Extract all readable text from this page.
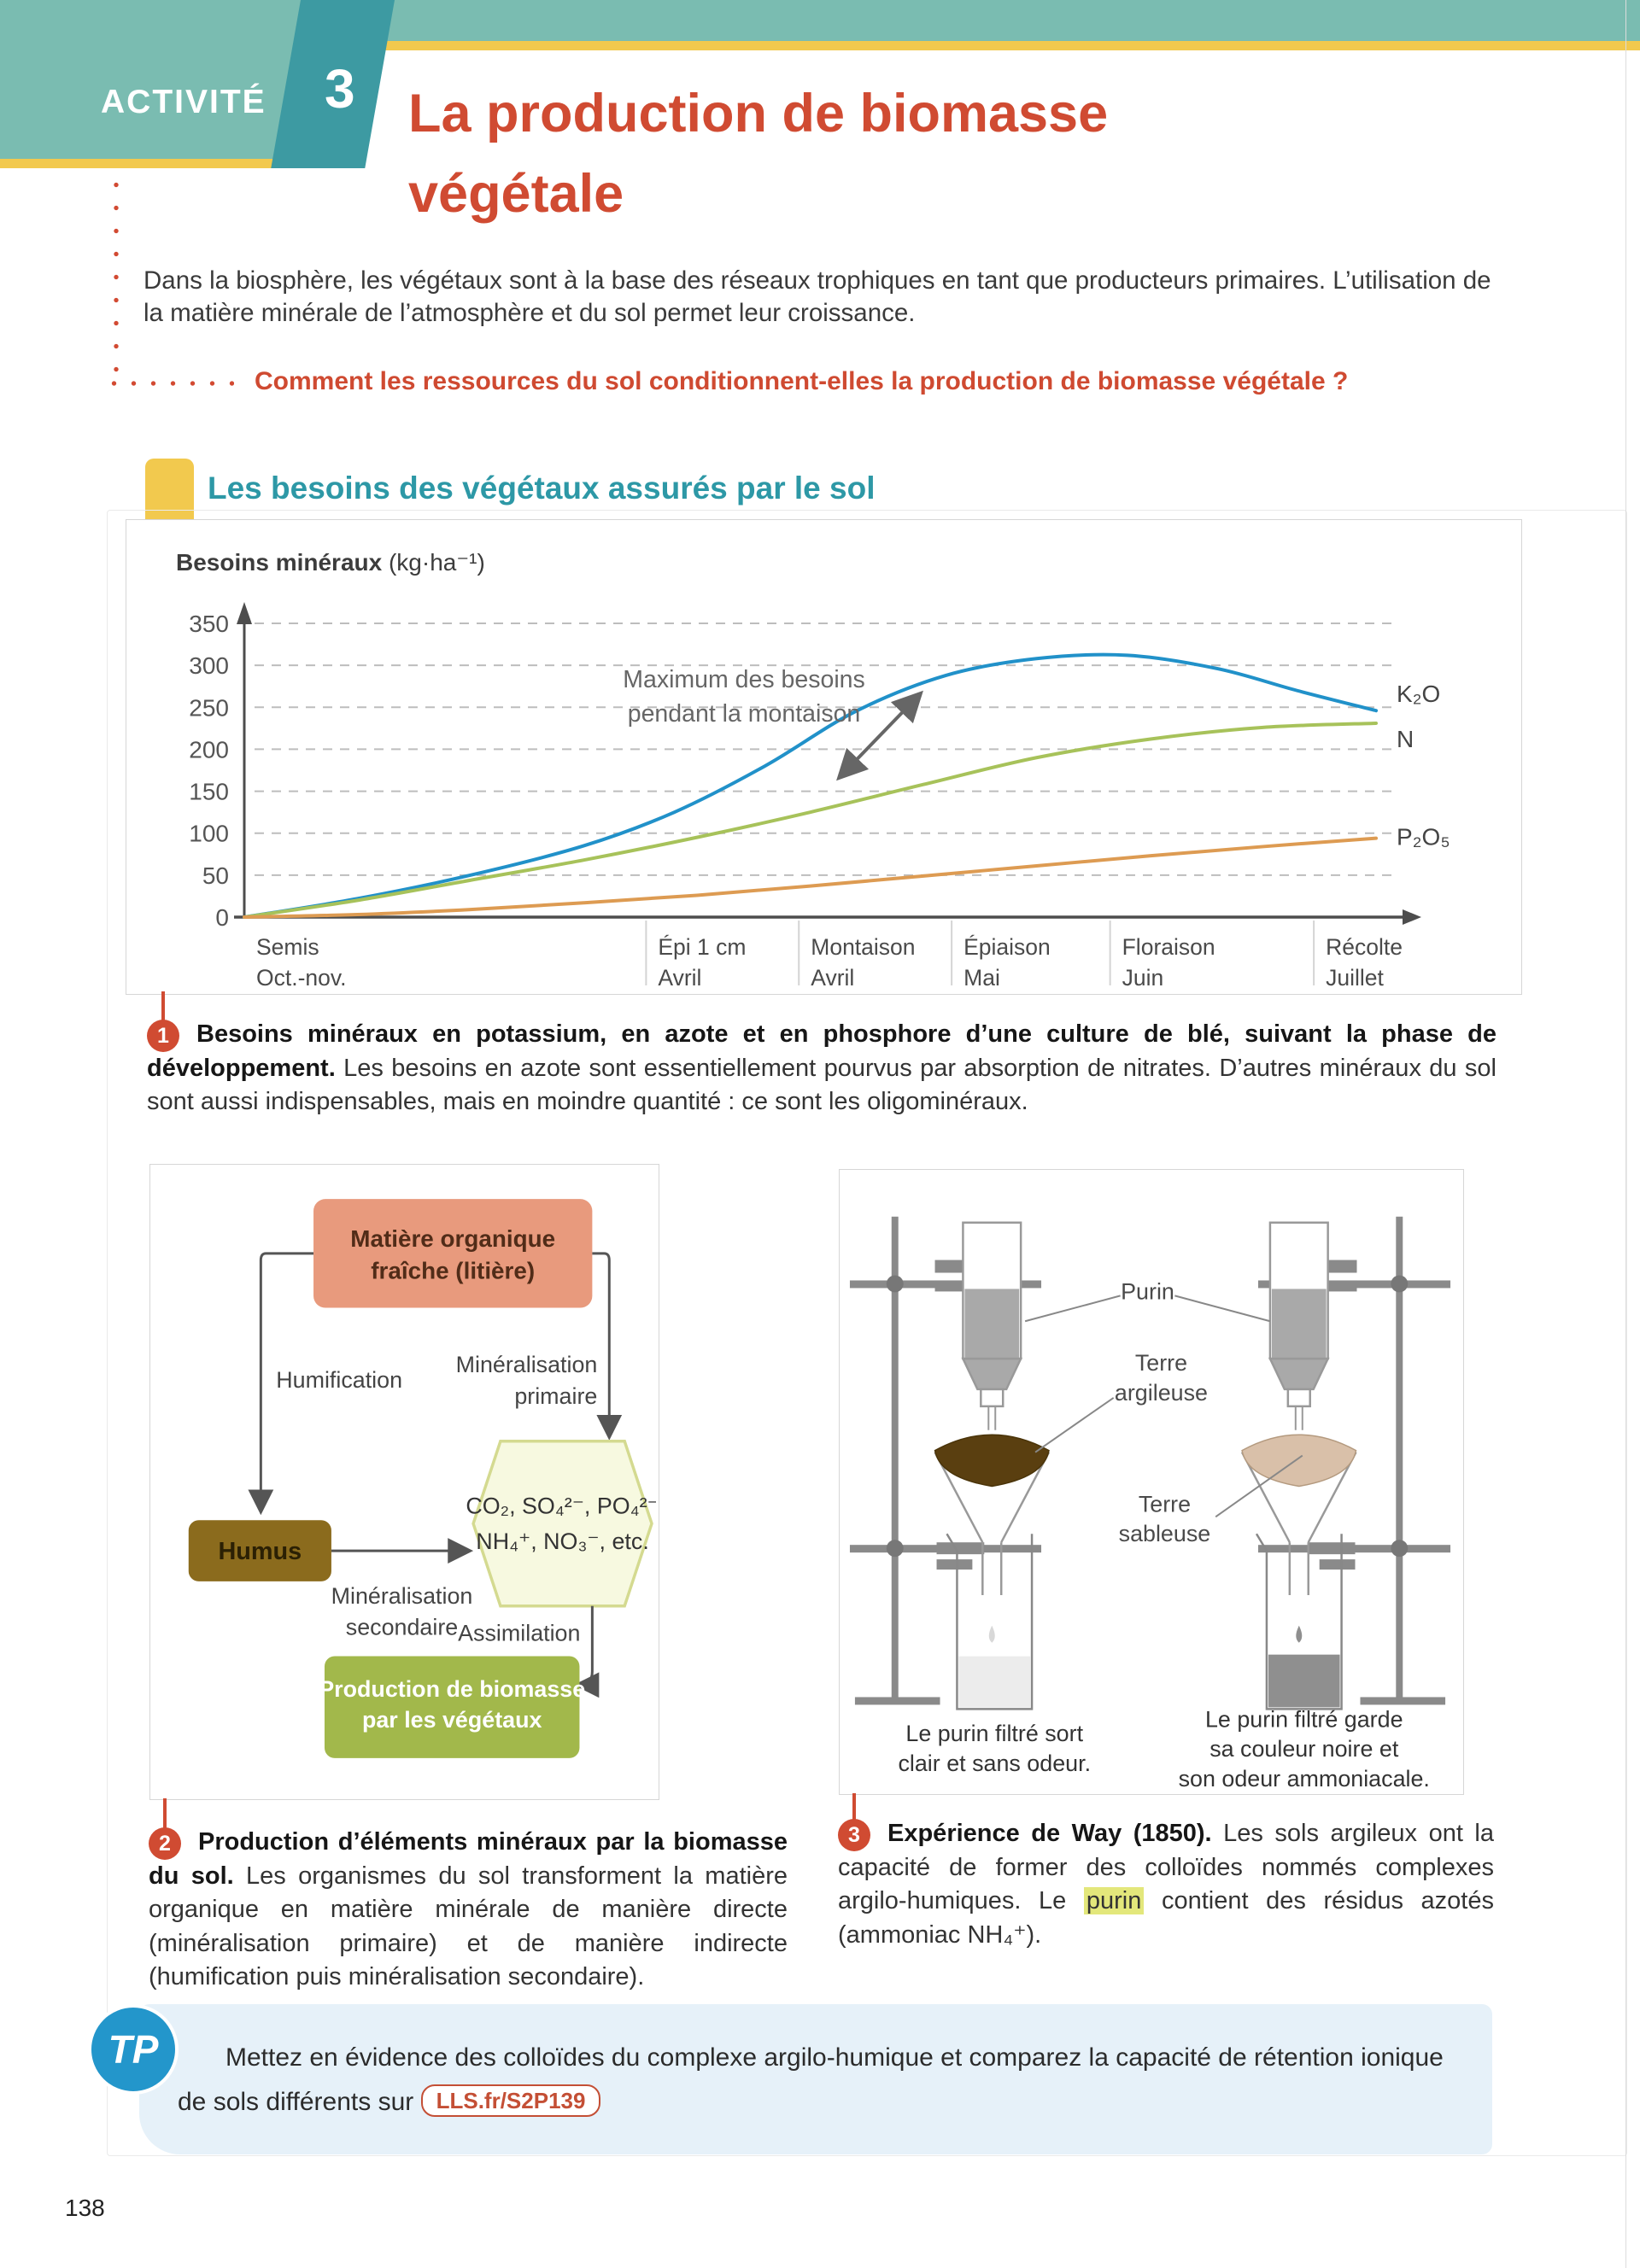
ACTIVITÉ 3 La production de biomasse
végétale
Dans la biosphère, les végétaux sont à la base des réseaux trophiques en tant que producteurs primaires. L’utilisation de la matière minérale de l’atmosphère et du sol permet leur croissance.
Comment les ressources du sol conditionnent-elles la production de biomasse végétale ?
Les besoins des végétaux assurés par le sol
Besoins minéraux (kg·ha⁻¹)
0
50
100
150
200
250
300
350
Semis
Oct.-nov.
Épi 1 cm
Avril
Montaison
Avril
Épiaison
Mai
Floraison
Juin
Récolte
Juillet
K₂O
N
P₂O₅
Maximum des besoins
pendant la montaison
1	Besoins minéraux en potassium, en azote et en phosphore d’une culture de blé, suivant la phase de développement. Les besoins en azote sont essentiellement pourvus par absorption de nitrates. D’autres minéraux du sol sont aussi indispensables, mais en moindre quantité : ce sont les oligominéraux.
Matière organique
fraîche (litière)
Humification
Minéralisation
primaire
Humus
Minéralisation
secondaire
CO₂, SO₄²⁻, PO₄²⁻
NH₄⁺, NO₃⁻, etc.
Assimilation
Production de biomasse
par les végétaux
2	Production d’éléments minéraux par la biomasse du sol. Les organismes du sol transforment la matière organique en matière minérale de manière directe (minéralisation primaire) et de manière indirecte (humification puis minéralisation secondaire).
Purin
Terre
argileuse
Terre
sableuse
Le purin filtré sort
clair et sans odeur.
Le purin filtré garde
sa couleur noire et
son odeur ammoniacale.
3	Expérience de Way (1850). Les sols argileux ont la capacité de former des colloïdes nommés complexes argilo-humiques. Le purin contient des résidus azotés (ammoniac NH₄⁺).
TP	Mettez en évidence des colloïdes du complexe argilo-humique et comparez la capacité de rétention ionique de sols différents sur LLS.fr/S2P139
138
